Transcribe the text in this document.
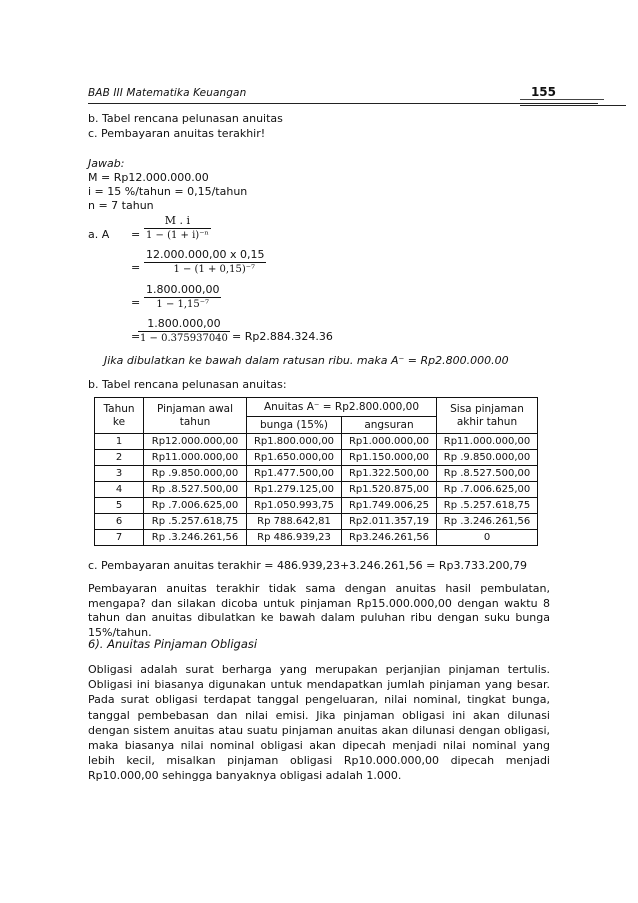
BAB III Matematika Keuangan	155
b. Tabel rencana pelunasan anuitas
c. Pembayaran anuitas terakhir!
Jawab:
M = Rp12.000.000.00
i = 15 %/tahun = 0,15/tahun
n = 7 tahun
a. $A = \frac{M . i}{\text{1 − (1 + i)⁻ⁿ}}$
= $\frac{12.000.000,00 x 0,15}{\text{1 − (1 + 0,15)⁻⁷}}$
= $\frac{1.800.000,00}{\text{1 − 1,15⁻⁷}}$
=
$\frac{1.800.000,00}{1 - 0.375937040} = Rp2.884.324.36$
Jika dibulatkan ke bawah dalam ratusan ribu. maka A⁻ = Rp2.800.000.00
b. Tabel rencana pelunasan anuitas:
Tahun ke	Pinjaman awal tahun	Anuitas A⁻ = Rp2.800.000,00		Sisa pinjaman akhir tahun
		bunga (15%)	angsuran	
1	Rp12.000.000,00	Rp1.800.000,00	Rp1.000.000,00	Rp11.000.000,00
2	Rp11.000.000,00	Rp1.650.000,00	Rp1.150.000,00	Rp .9.850.000,00
3	Rp .9.850.000,00	Rp1.477.500,00	Rp1.322.500,00	Rp .8.527.500,00
4	Rp .8.527.500,00	Rp1.279.125,00	Rp1.520.875,00	Rp .7.006.625,00
5	Rp .7.006.625,00	Rp1.050.993,75	Rp1.749.006,25	Rp .5.257.618,75
6	Rp .5.257.618,75	Rp 788.642,81	Rp2.011.357,19	Rp .3.246.261,56
7	Rp .3.246.261,56	Rp 486.939,23	Rp3.246.261,56	0
c. Pembayaran anuitas terakhir = 486.939,23+3.246.261,56 = Rp3.733.200,79
Pembayaran anuitas terakhir tidak sama dengan anuitas hasil pembulatan, mengapa? dan silakan dicoba untuk pinjaman Rp15.000.000,00 dengan waktu 8 tahun dan anuitas dibulatkan ke bawah dalam puluhan ribu dengan suku bunga 15%/tahun.
6). Anuitas Pinjaman Obligasi
Obligasi adalah surat berharga yang merupakan perjanjian pinjaman tertulis. Obligasi ini biasanya digunakan untuk mendapatkan jumlah pinjaman yang besar. Pada surat obligasi terdapat tanggal pengeluaran, nilai nominal, tingkat bunga, tanggal pembebasan dan nilai emisi. Jika pinjaman obligasi ini akan dilunasi dengan sistem anuitas atau suatu pinjaman anuitas akan dilunasi dengan obligasi, maka biasanya nilai nominal obligasi akan dipecah menjadi nilai nominal yang lebih kecil, misalkan pinjaman obligasi Rp10.000.000,00 dipecah menjadi Rp10.000,00 sehingga banyaknya obligasi adalah 1.000.
